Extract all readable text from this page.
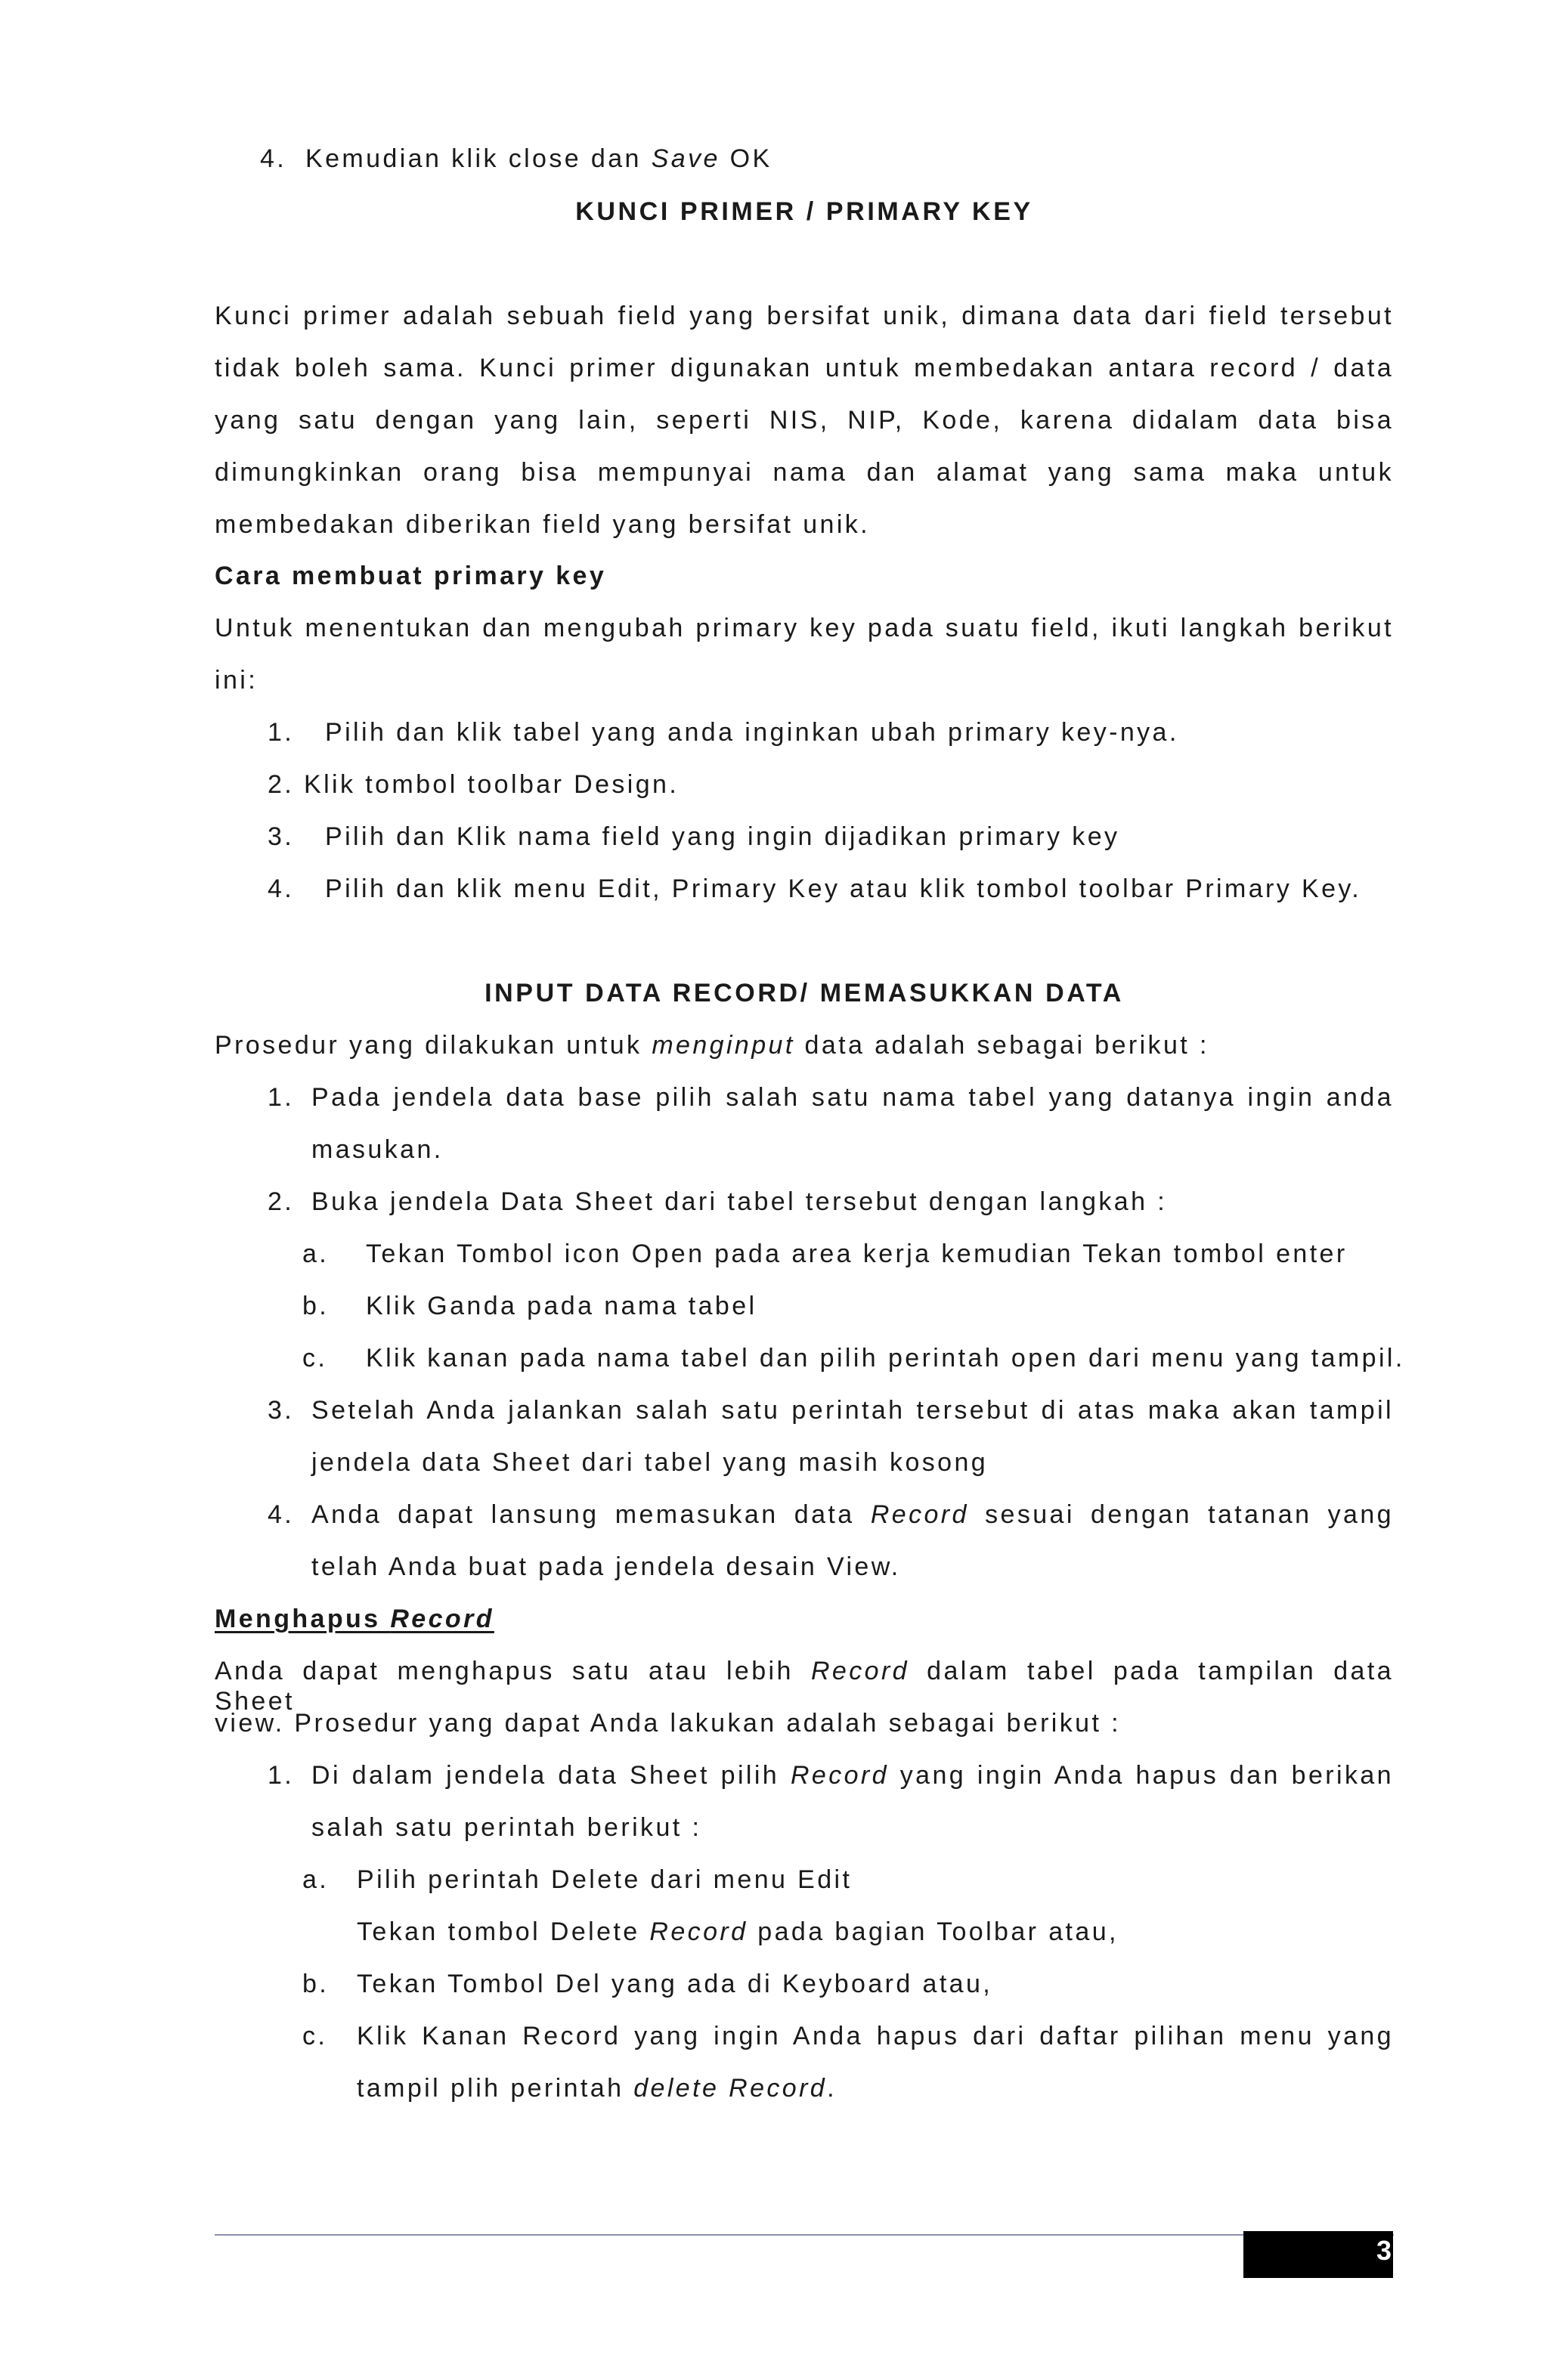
4. Kemudian klik close dan Save OK
KUNCI PRIMER / PRIMARY KEY
Kunci primer adalah sebuah field yang bersifat unik, dimana data dari field tersebut
tidak boleh sama. Kunci primer digunakan untuk membedakan antara record / data
yang satu dengan yang lain, seperti NIS, NIP, Kode, karena didalam data bisa
dimungkinkan orang bisa mempunyai nama dan alamat yang sama maka untuk
membedakan diberikan field yang bersifat unik.
Cara membuat primary key
Untuk menentukan dan mengubah primary key pada suatu field, ikuti langkah berikut
ini:
1. Pilih dan klik tabel yang anda inginkan ubah primary key-nya.
2. Klik tombol toolbar Design.
3. Pilih dan Klik nama field yang ingin dijadikan primary key
4. Pilih dan klik menu Edit, Primary Key atau klik tombol toolbar Primary Key.
INPUT DATA RECORD/ MEMASUKKAN DATA
Prosedur yang dilakukan untuk menginput data adalah sebagai berikut :
1. Pada jendela data base pilih salah satu nama tabel yang datanya ingin anda
masukan.
2. Buka jendela Data Sheet dari tabel tersebut dengan langkah :
a. Tekan Tombol icon Open pada area kerja kemudian Tekan tombol enter
b. Klik Ganda pada nama tabel
c. Klik kanan pada nama tabel dan pilih perintah open dari menu yang tampil.
3. Setelah Anda jalankan salah satu perintah tersebut di atas maka akan tampil
jendela data Sheet dari tabel yang masih kosong
4. Anda dapat lansung memasukan data Record sesuai dengan tatanan yang
telah Anda buat pada jendela desain View.
Menghapus Record
Anda dapat menghapus satu atau lebih Record dalam tabel pada tampilan data Sheet
view. Prosedur yang dapat Anda lakukan adalah sebagai berikut :
1. Di dalam jendela data Sheet pilih Record yang ingin Anda hapus dan berikan
salah satu perintah berikut :
a. Pilih perintah Delete dari menu Edit
Tekan tombol Delete Record pada bagian Toolbar atau,
b. Tekan Tombol Del yang ada di Keyboard atau,
c. Klik Kanan Record yang ingin Anda hapus dari daftar pilihan menu yang
tampil plih perintah delete Record.
3
